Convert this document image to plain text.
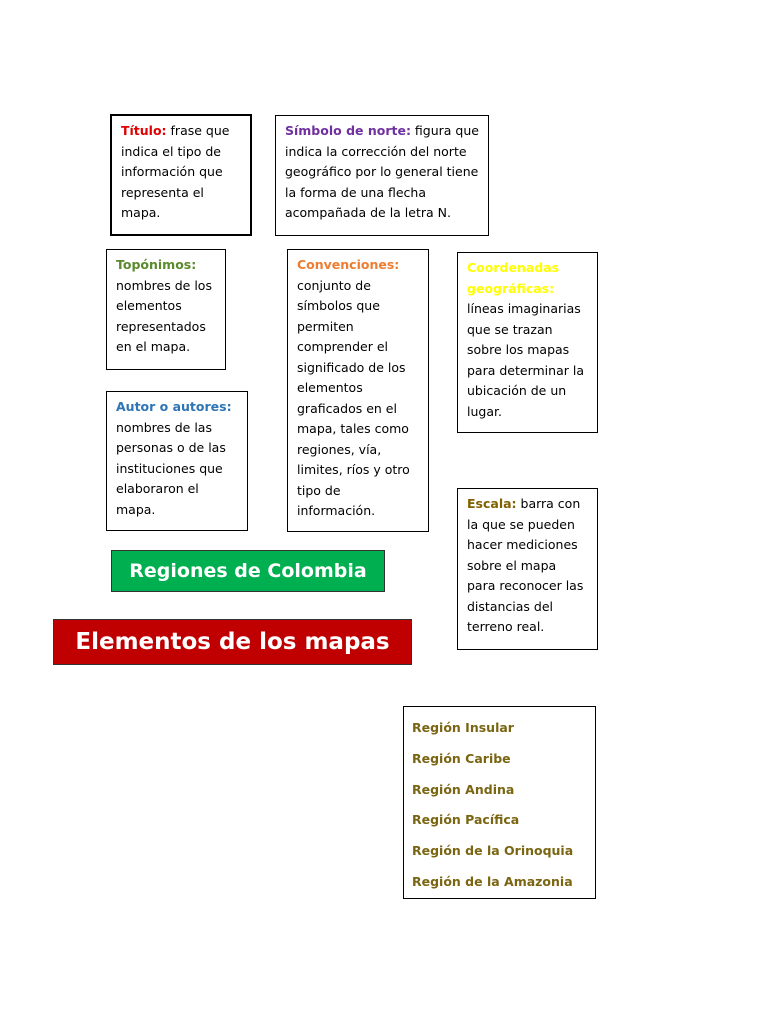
Título: frase que indica el tipo de información que representa el mapa.
Símbolo de norte: figura que indica la corrección del norte geográfico por lo general tiene la forma de una flecha acompañada de la letra N.
Topónimos:
nombres de los elementos representados en el mapa.
Convenciones:
conjunto de símbolos que permiten comprender el significado de los elementos graficados en el mapa, tales como regiones, vía, limites, ríos y otro tipo de información.
Coordenadas geográficas: líneas imaginarias que se trazan sobre los mapas para determinar la ubicación de un lugar.
Autor o autores:
nombres de las personas o de las instituciones que elaboraron el mapa.	Escala: barra con la que se pueden hacer mediciones sobre el mapa para reconocer las distancias del terreno real.
Regiones de Colombia
Elementos de los mapas
Región Insular
Región Caribe
Región Andina
Región Pacífica
Región de la Orinoquia
Región de la Amazonia
